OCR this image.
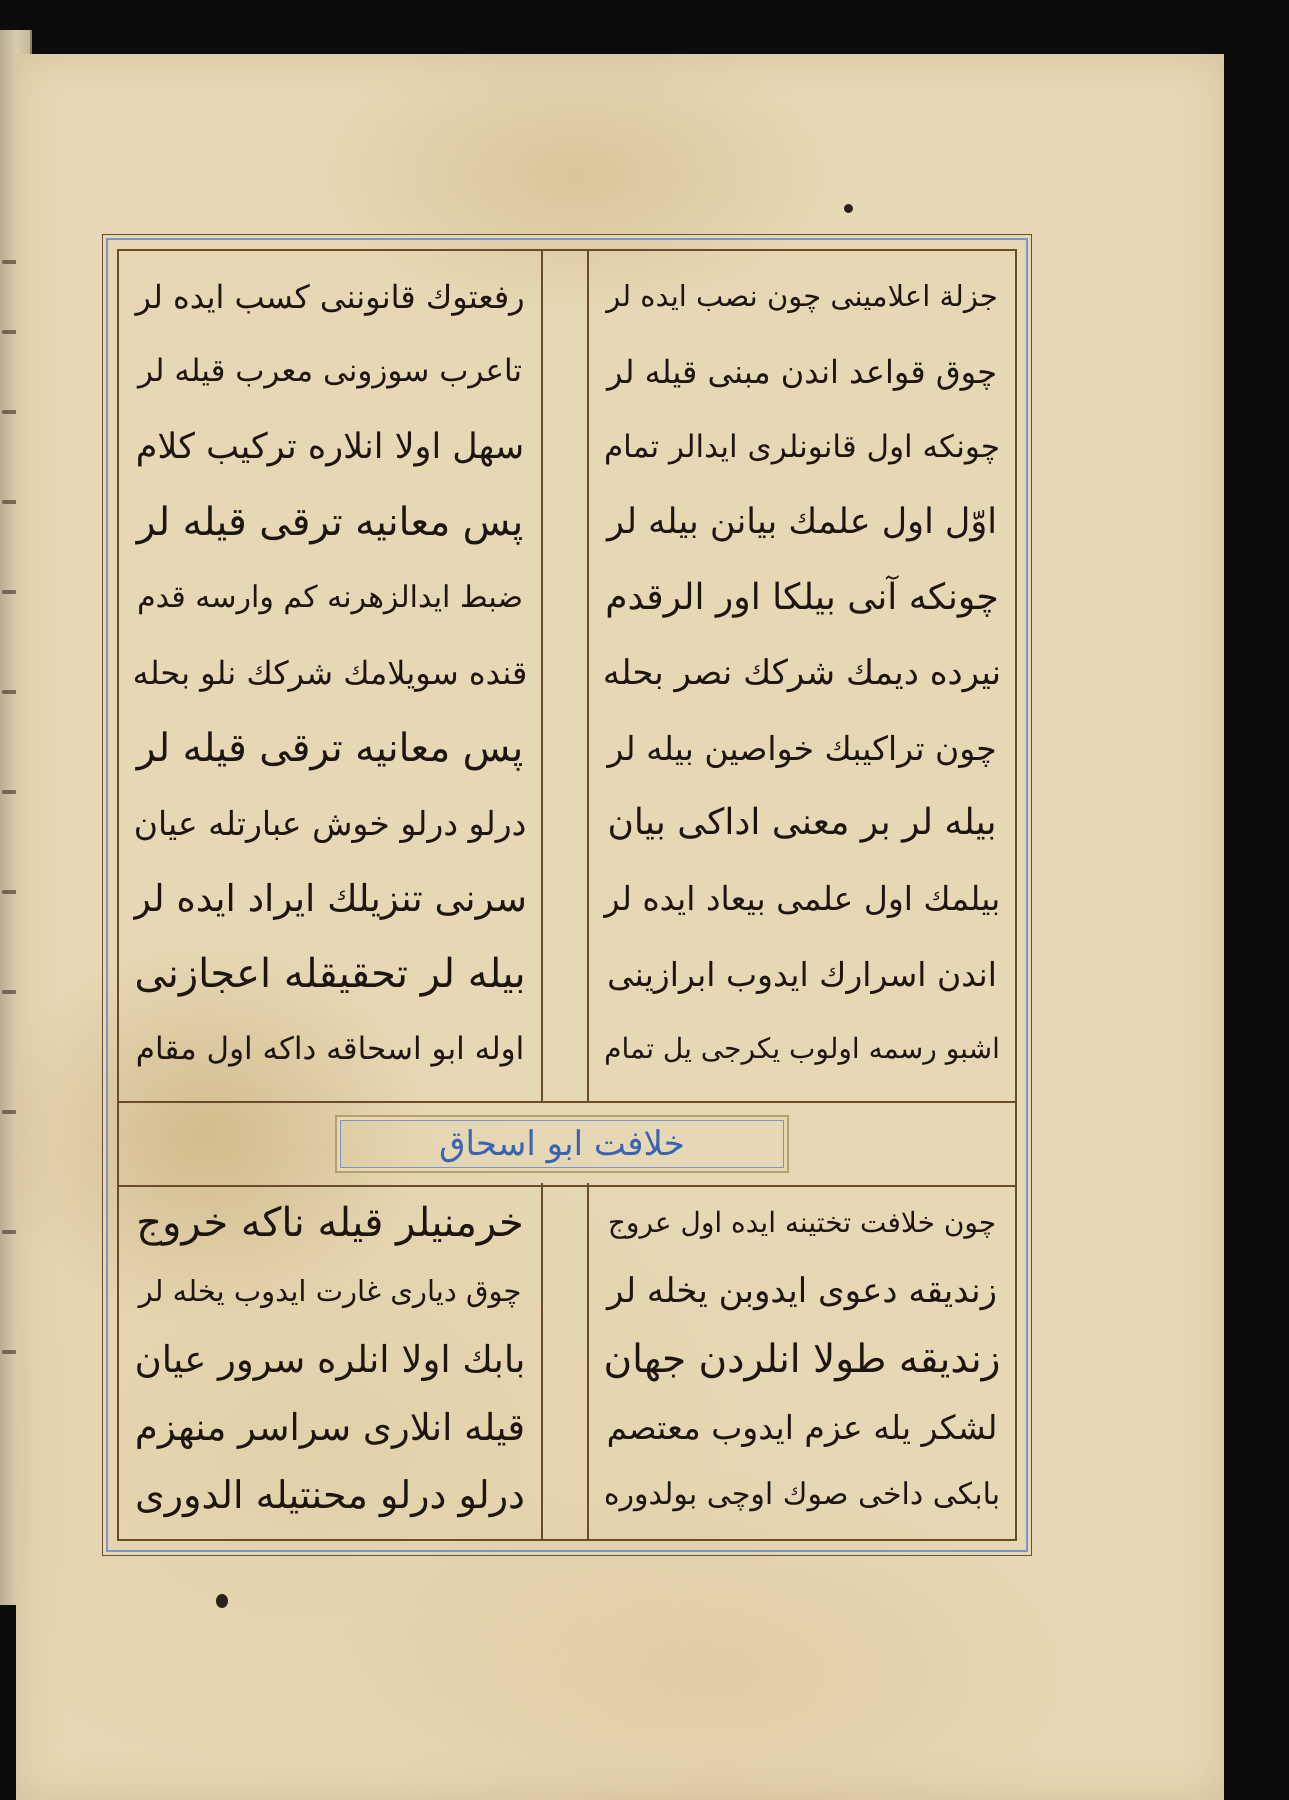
رفعتوك قانوننى كسب ايده لر
تاعرب سوزونى معرب قيله لر
سهل اولا انلاره تركيب كلام
پس معانيه ترقى قيله لر
ضبط ايدالزهرنه كم وارسه قدم
قنده سويلامك شركك نلو بحله
پس معانيه ترقى قيله لر
درلو درلو خوش عبارتله عيان
سرنى تنزيلك ايراد ايده لر
بيله لر تحقيقله اعجازنى
اوله ابو اسحاقه داكه اول مقام
جزلة اعلامينى چون نصب ايده لر
چوق قواعد اندن مبنى قيله لر
چونكه اول قانونلرى ايدالر تمام
اوّل اول علمك بيانن بيله لر
چونكه آنى بيلكا اور الرقدم
نيرده ديمك شركك نصر بحله
چون تراكيبك خواصين بيله لر
بيله لر بر معنى اداكى بيان
بيلمك اول علمى بيعاد ايده لر
اندن اسرارك ايدوب ابرازينى
اشبو رسمه اولوب يكرجى يل تمام
خلافت ابو اسحاق
خرمنيلر قيله ناكه خروج
چوق ديارى غارت ايدوب يخله لر
بابك اولا انلره سرور عيان
قيله انلارى سراسر منهزم
درلو درلو محنتيله الدورى
چون خلافت تختينه ايده اول عروج
زنديقه دعوى ايدوبن يخله لر
زنديقه طولا انلردن جهان
لشكر يله عزم ايدوب معتصم
بابكى داخى صوك اوچى بولدوره
